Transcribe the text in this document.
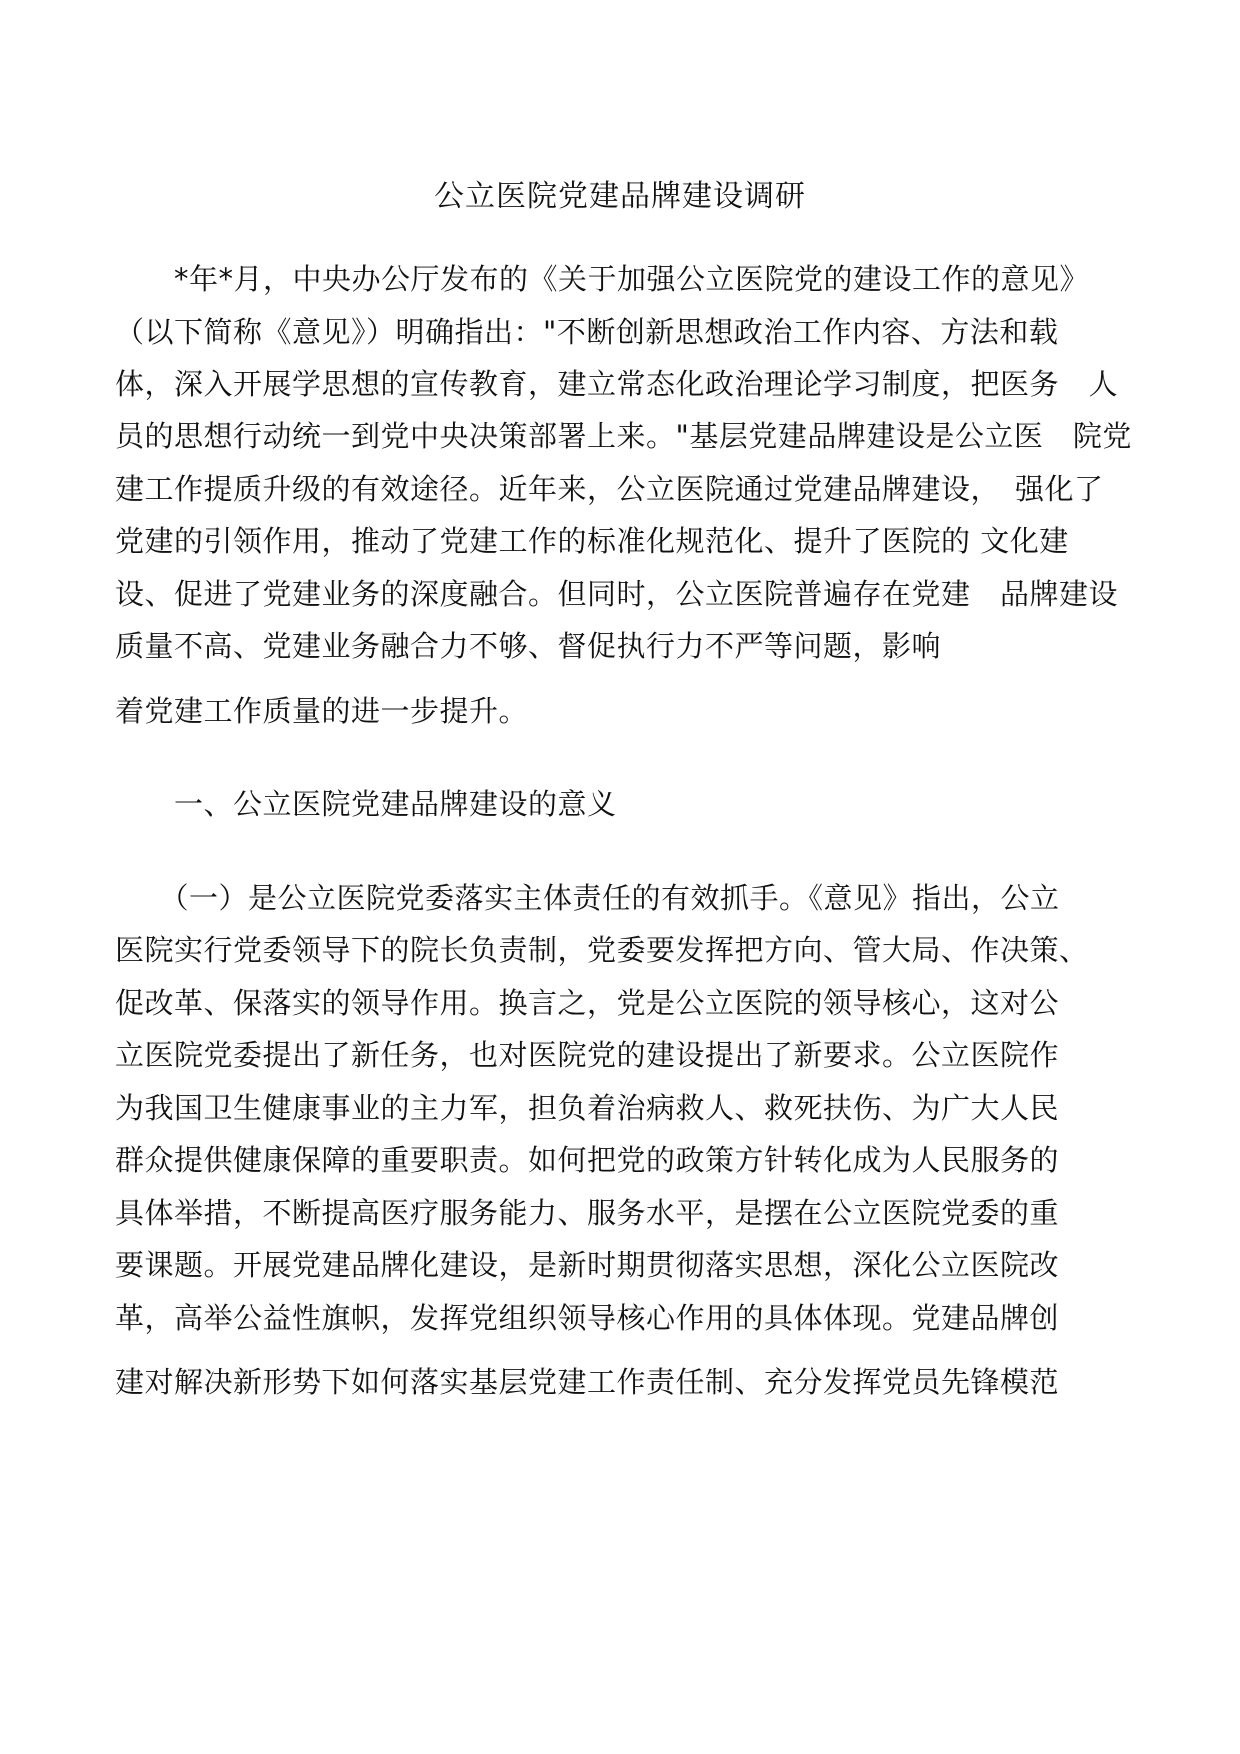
公立医院党建品牌建设调研
　　*年*月，中央办公厅发布的《关于加强公立医院党的建设工作的意见》
（以下简称《意见》）明确指出："不断创新思想政治工作内容、方法和载
体，深入开展学思想的宣传教育，建立常态化政治理论学习制度，把医务　人
员的思想行动统一到党中央决策部署上来。"基层党建品牌建设是公立医　院党
建工作提质升级的有效途径。近年来，公立医院通过党建品牌建设，　强化了
党建的引领作用，推动了党建工作的标准化规范化、提升了医院的 文化建
设、促进了党建业务的深度融合。但同时，公立医院普遍存在党建　品牌建设
质量不高、党建业务融合力不够、督促执行力不严等问题，影响
着党建工作质量的进一步提升。
　　一、公立医院党建品牌建设的意义
　　（一）是公立医院党委落实主体责任的有效抓手。《意见》指出，公立
医院实行党委领导下的院长负责制，党委要发挥把方向、管大局、作决策、
促改革、保落实的领导作用。换言之，党是公立医院的领导核心，这对公
立医院党委提出了新任务，也对医院党的建设提出了新要求。公立医院作
为我国卫生健康事业的主力军，担负着治病救人、救死扶伤、为广大人民
群众提供健康保障的重要职责。如何把党的政策方针转化成为人民服务的
具体举措，不断提高医疗服务能力、服务水平，是摆在公立医院党委的重
要课题。开展党建品牌化建设，是新时期贯彻落实思想，深化公立医院改
革，高举公益性旗帜，发挥党组织领导核心作用的具体体现。党建品牌创
建对解决新形势下如何落实基层党建工作责任制、充分发挥党员先锋模范
